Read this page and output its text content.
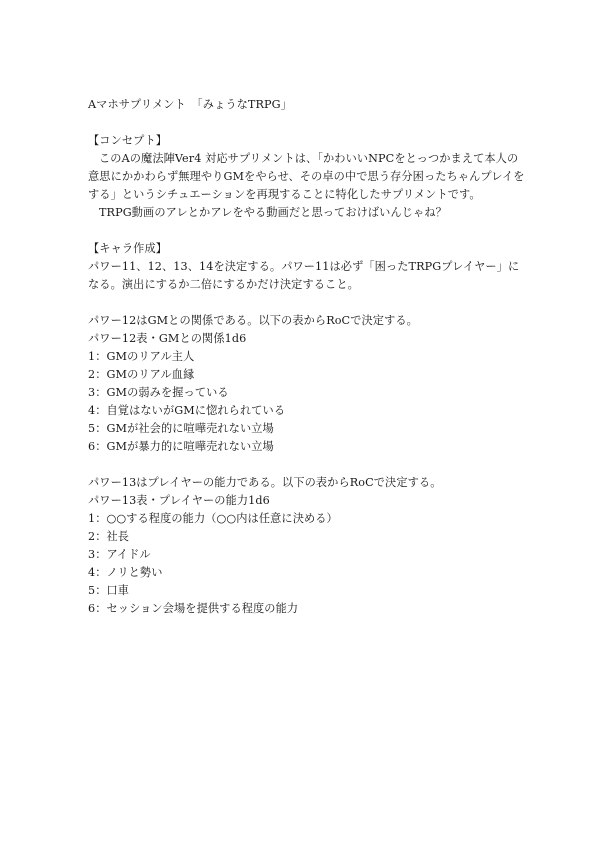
Aマホサプリメント　「みょうなTRPG」
【コンセプト】
このAの魔法陣Ver4 対応サプリメントは、「かわいいNPCをとっつかまえて本人の意思にかかわらず無理やりGMをやらせ、その卓の中で思う存分困ったちゃんプレイをする」というシチュエーションを再現することに特化したサプリメントです。
TRPG動画のアレとかアレをやる動画だと思っておけばいんじゃね？
【キャラ作成】
パワー11、12、13、14を決定する。パワー11は必ず「困ったTRPGプレイヤー」になる。演出にするか二倍にするかだけ決定すること。
パワー12はGMとの関係である。以下の表からRoCで決定する。
パワー12表・GMとの関係1d6
1：GMのリアル主人
2：GMのリアル血縁
3：GMの弱みを握っている
4：自覚はないがGMに惚れられている
5：GMが社会的に喧嘩売れない立場
6：GMが暴力的に喧嘩売れない立場
パワー13はプレイヤーの能力である。以下の表からRoCで決定する。
パワー13表・プレイヤーの能力1d6
1：○○する程度の能力（○○内は任意に決める）
2：社長
3：アイドル
4：ノリと勢い
5：口車
6：セッション会場を提供する程度の能力
